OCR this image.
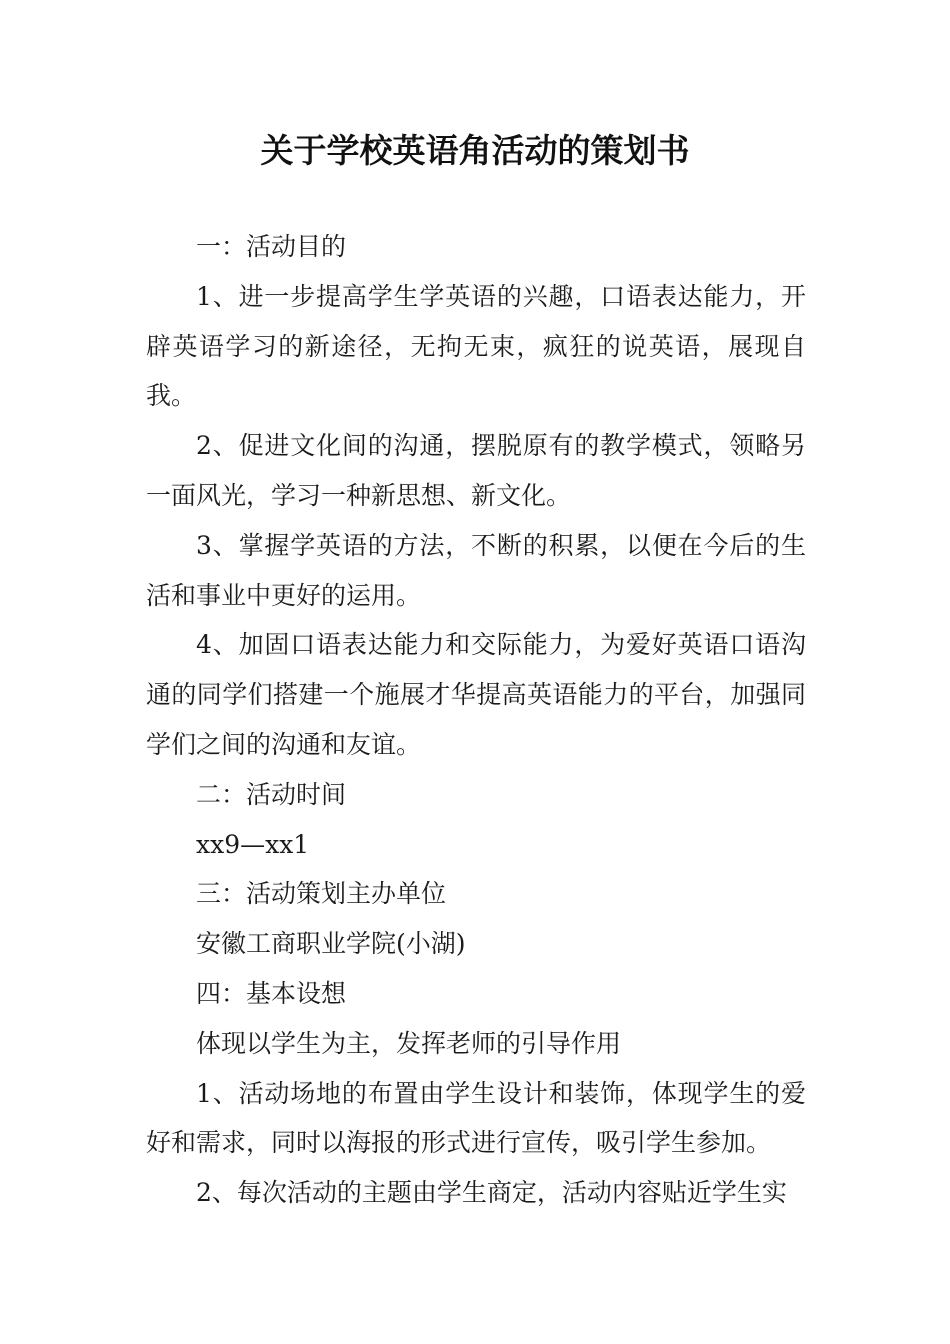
关于学校英语角活动的策划书

一：活动目的

1、进一步提高学生学英语的兴趣，口语表达能力，开辟英语学习的新途径，无拘无束，疯狂的说英语，展现自我。

2、促进文化间的沟通，摆脱原有的教学模式，领略另一面风光，学习一种新思想、新文化。

3、掌握学英语的方法，不断的积累，以便在今后的生活和事业中更好的运用。

4、加固口语表达能力和交际能力，为爱好英语口语沟通的同学们搭建一个施展才华提高英语能力的平台，加强同学们之间的沟通和友谊。

二：活动时间

xx9—xx1

三：活动策划主办单位

安徽工商职业学院(小湖)

四：基本设想

体现以学生为主，发挥老师的引导作用

1、活动场地的布置由学生设计和装饰，体现学生的爱好和需求，同时以海报的形式进行宣传，吸引学生参加。

2、每次活动的主题由学生商定，活动内容贴近学生实
